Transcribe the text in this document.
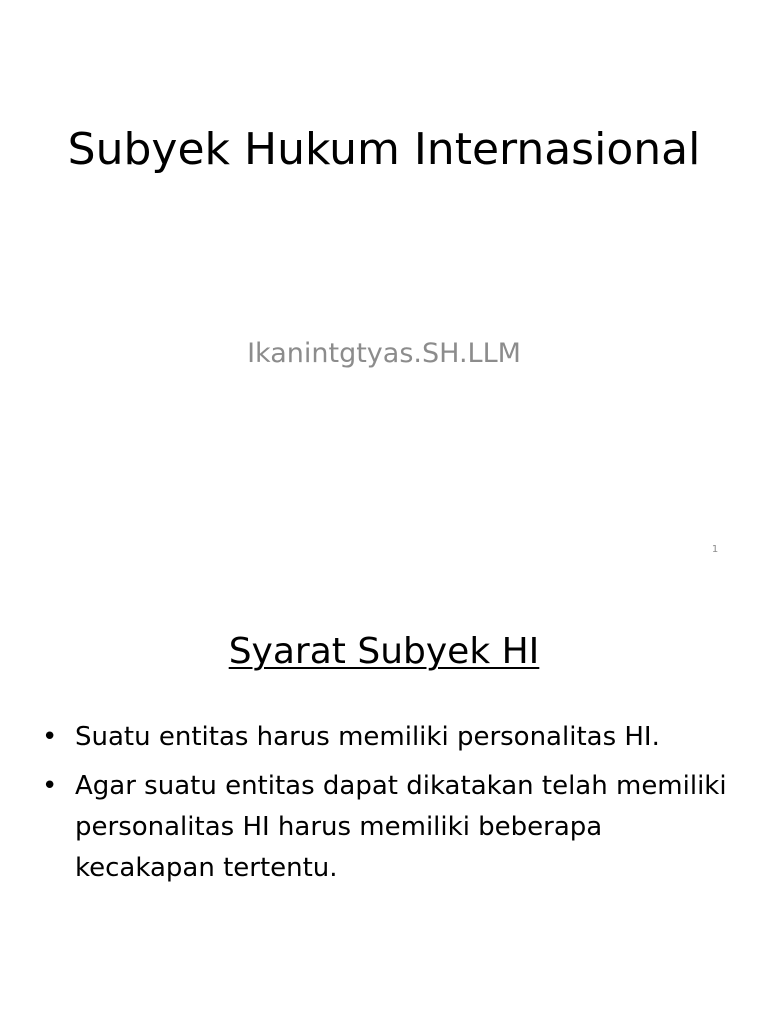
Subyek Hukum Internasional
Ikanintgtyas.SH.LLM
1
Syarat Subyek HI
• Suatu entitas harus memiliki personalitas HI.
• Agar suatu entitas dapat dikatakan telah memiliki personalitas HI harus memiliki beberapa kecakapan tertentu.
